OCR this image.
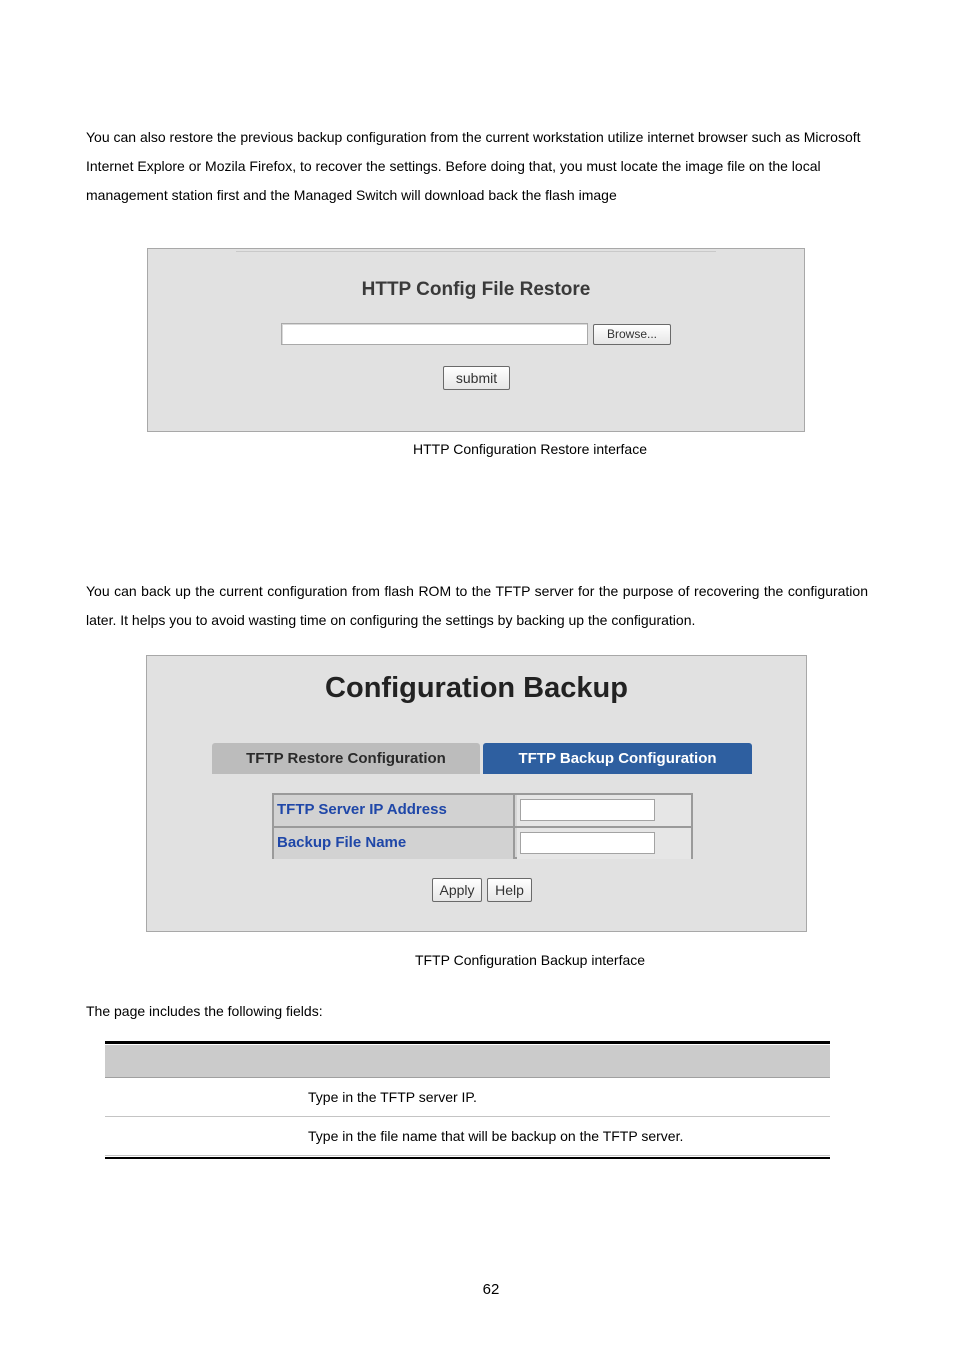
You can also restore the previous backup configuration from the current workstation utilize internet browser such as Microsoft Internet Explore or Mozila Firefox, to recover the settings. Before doing that, you must locate the image file on the local management station first and the Managed Switch will download back the flash image

HTTP Config File Restore
Browse...
submit
HTTP Configuration Restore interface

You can back up the current configuration from flash ROM to the TFTP server for the purpose of recovering the configuration later. It helps you to avoid wasting time on configuring the settings by backing up the configuration.

Configuration Backup
TFTP Restore Configuration	TFTP Backup Configuration
TFTP Server IP Address
Backup File Name
Apply	Help
TFTP Configuration Backup interface

The page includes the following fields:

Type in the TFTP server IP.
Type in the file name that will be backup on the TFTP server.
62
